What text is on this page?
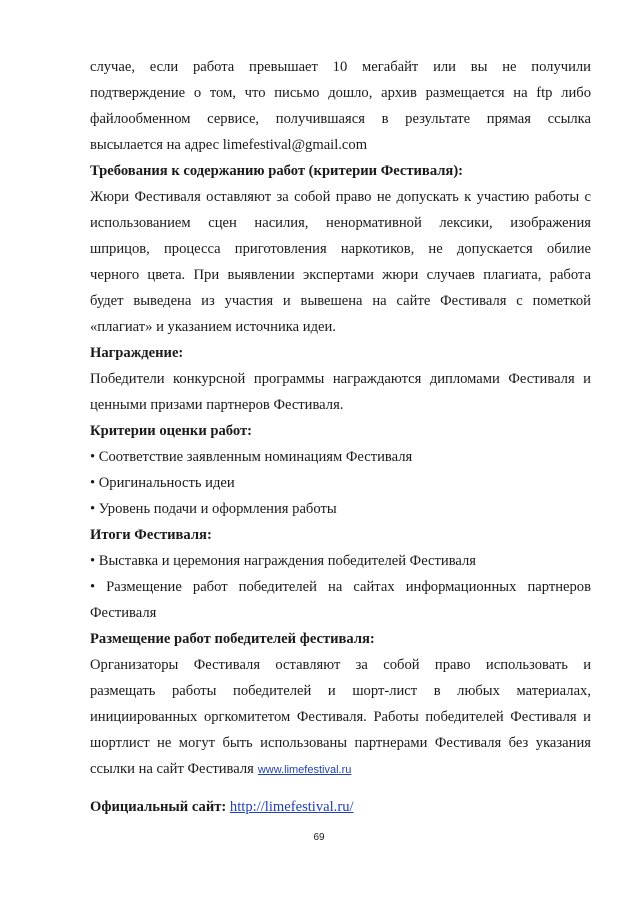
случае, если работа превышает 10 мегабайт или вы не получили
подтверждение о том, что письмо дошло, архив размещается на ftp либо
файлообменном сервисе, получившаяся в результате прямая ссылка
высылается на адрес limefestival@gmail.com
Требования к содержанию работ (критерии Фестиваля):
Жюри Фестиваля оставляют за собой право не допускать к участию работы с
использованием сцен насилия, ненормативной лексики, изображения
шприцов, процесса приготовления наркотиков, не допускается обилие
черного цвета. При выявлении экспертами жюри случаев плагиата, работа
будет выведена из участия и вывешена на сайте Фестиваля с пометкой
«плагиат» и указанием источника идеи.
Награждение:
Победители конкурсной программы награждаются дипломами Фестиваля и
ценными призами партнеров Фестиваля.
Критерии оценки работ:
• Соответствие заявленным номинациям Фестиваля
• Оригинальность идеи
• Уровень подачи и оформления работы
Итоги Фестиваля:
• Выставка и церемония награждения победителей Фестиваля
• Размещение работ победителей на сайтах информационных партнеров
Фестиваля
Размещение работ победителей фестиваля:
Организаторы Фестиваля оставляют за собой право использовать и
размещать работы победителей и шорт-лист в любых материалах,
инициированных оргкомитетом Фестиваля. Работы победителей Фестиваля и
шортлист не могут быть использованы партнерами Фестиваля без указания
ссылки на сайт Фестиваля www.limefestival.ru
Официальный сайт: http://limefestival.ru/
69
